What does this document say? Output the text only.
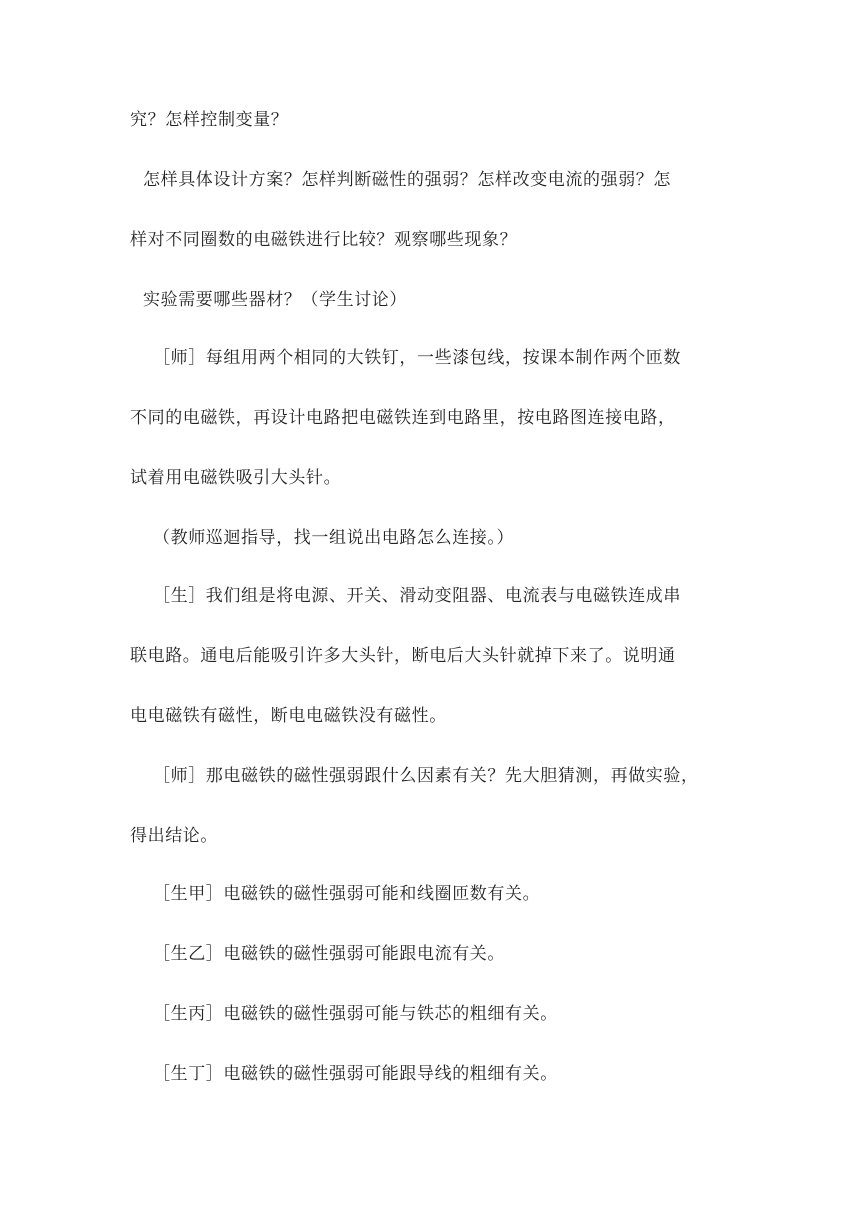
究？怎样控制变量？
怎样具体设计方案？怎样判断磁性的强弱？怎样改变电流的强弱？怎
样对不同圈数的电磁铁进行比较？观察哪些现象？
实验需要哪些器材？（学生讨论）
［师］每组用两个相同的大铁钉，一些漆包线，按课本制作两个匝数
不同的电磁铁，再设计电路把电磁铁连到电路里，按电路图连接电路，
试着用电磁铁吸引大头针。
（教师巡迴指导，找一组说出电路怎么连接。）
［生］我们组是将电源、开关、滑动变阻器、电流表与电磁铁连成串
联电路。通电后能吸引许多大头针，断电后大头针就掉下来了。说明通
电电磁铁有磁性，断电电磁铁没有磁性。
［师］那电磁铁的磁性强弱跟什么因素有关？先大胆猜测，再做实验，
得出结论。
［生甲］电磁铁的磁性强弱可能和线圈匝数有关。
［生乙］电磁铁的磁性强弱可能跟电流有关。
［生丙］电磁铁的磁性强弱可能与铁芯的粗细有关。
［生丁］电磁铁的磁性强弱可能跟导线的粗细有关。
